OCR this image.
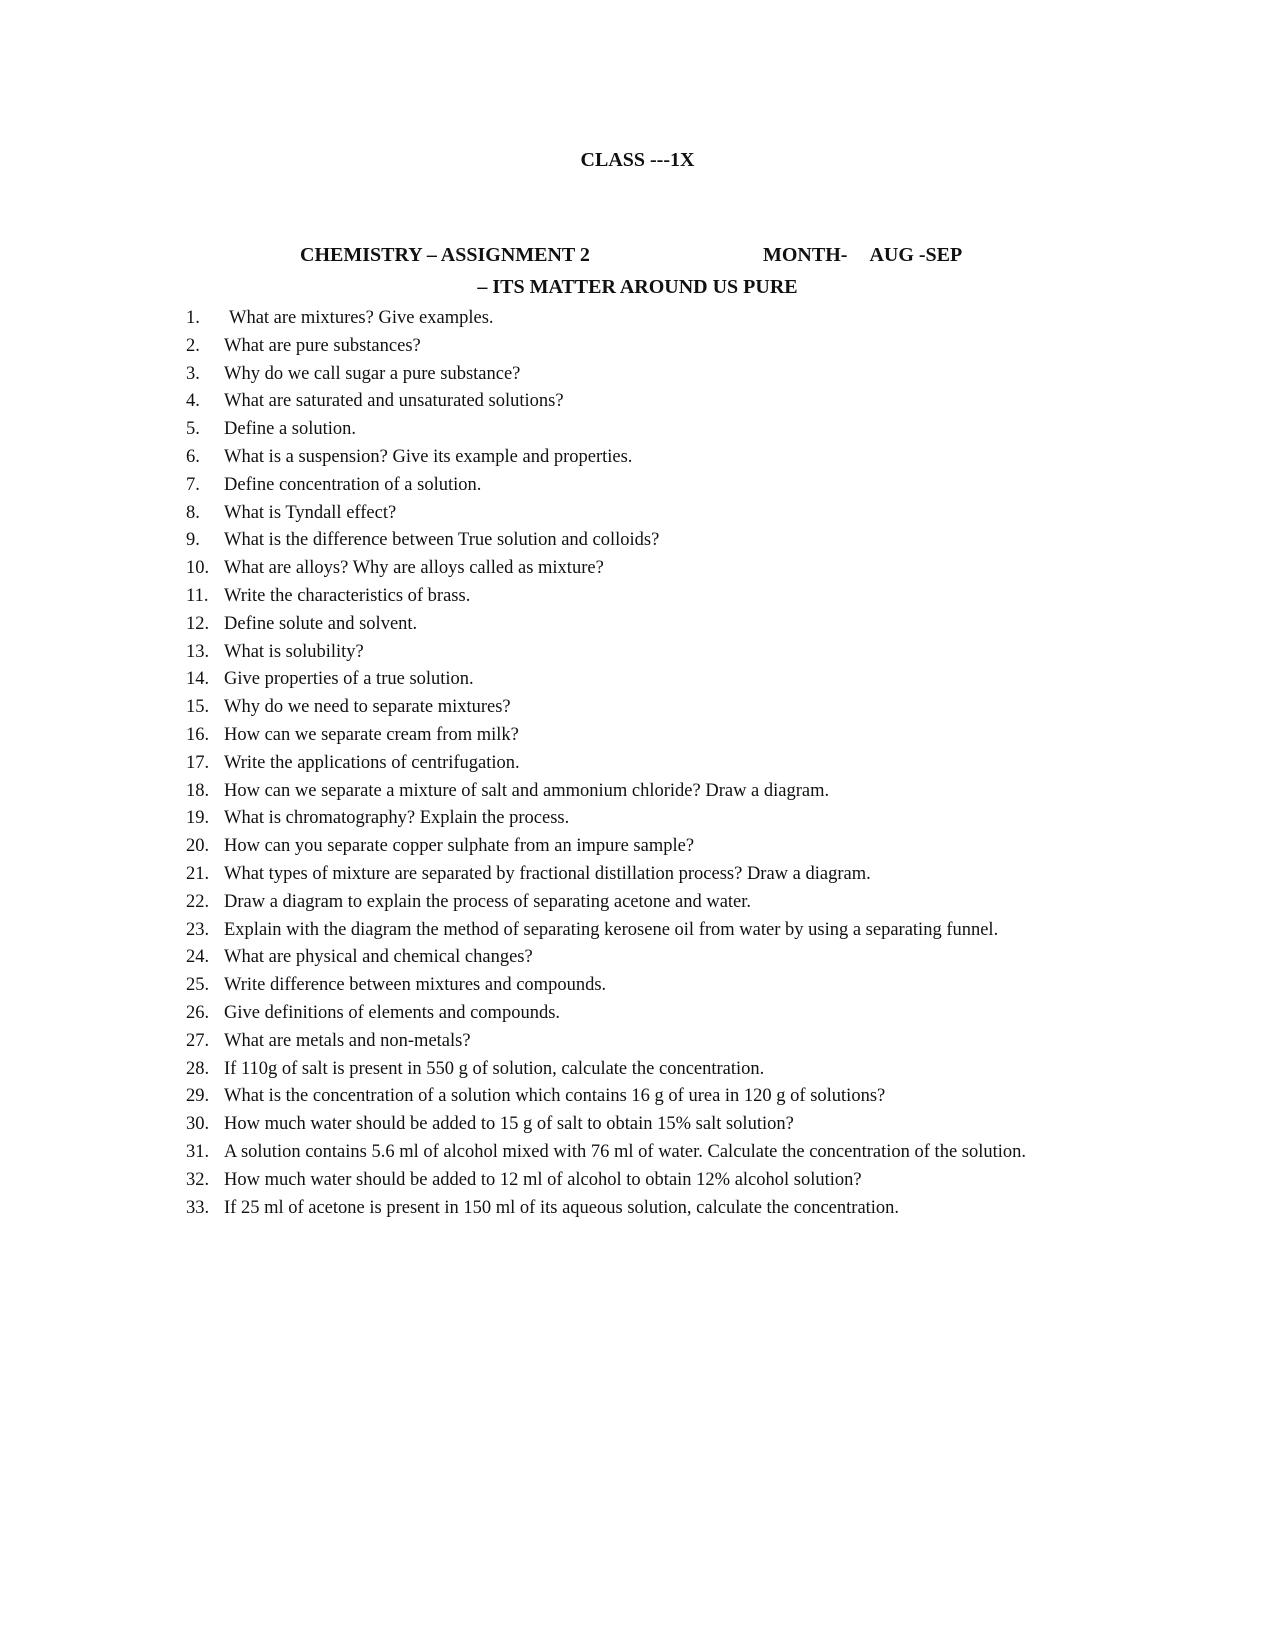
CLASS ---1X
CHEMISTRY – ASSIGNMENT 2	MONTH- AUG -SEP
– ITS MATTER AROUND US PURE
1.	What are mixtures? Give examples.
2.	What are pure substances?
3.	Why do we call sugar a pure substance?
4.	What are saturated and unsaturated solutions?
5.	Define a solution.
6.	What is a suspension? Give its example and properties.
7.	Define concentration of a solution.
8.	What is Tyndall effect?
9.	What is the difference between True solution and colloids?
10. What are alloys? Why are alloys called as mixture?
11. Write the characteristics of brass.
12. Define solute and solvent.
13. What is solubility?
14. Give properties of a true solution.
15. Why do we need to separate mixtures?
16. How can we separate cream from milk?
17. Write the applications of centrifugation.
18. How can we separate a mixture of salt and ammonium chloride? Draw a diagram.
19. What is chromatography? Explain the process.
20. How can you separate copper sulphate from an impure sample?
21. What types of mixture are separated by fractional distillation process? Draw a diagram.
22. Draw a diagram to explain the process of separating acetone and water.
23. Explain with the diagram the method of separating kerosene oil from water by using a separating funnel.
24. What are physical and chemical changes?
25. Write difference between mixtures and compounds.
26. Give definitions of elements and compounds.
27. What are metals and non-metals?
28. If 110g of salt is present in 550 g of solution, calculate the concentration.
29. What is the concentration of a solution which contains 16 g of urea in 120 g of solutions?
30. How much water should be added to 15 g of salt to obtain 15% salt solution?
31. A solution contains 5.6 ml of alcohol mixed with 76 ml of water. Calculate the concentration of the solution.
32. How much water should be added to 12 ml of alcohol to obtain 12% alcohol solution?
33. If 25 ml of acetone is present in 150 ml of its aqueous solution, calculate the concentration.
